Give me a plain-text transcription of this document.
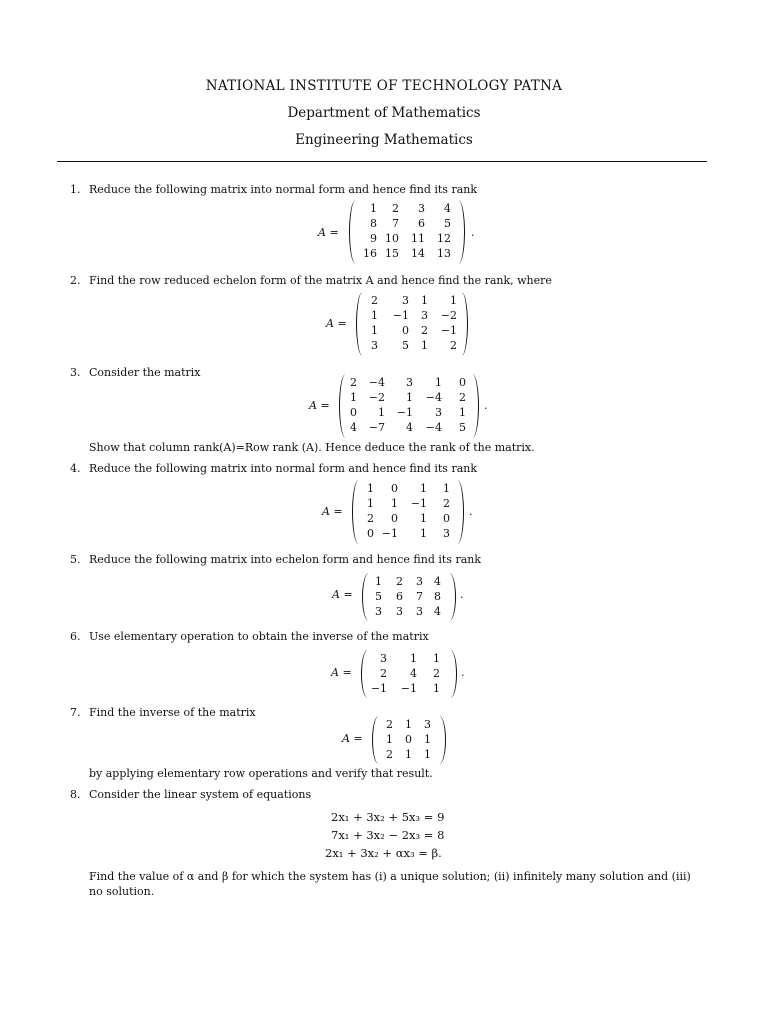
NATIONAL INSTITUTE OF TECHNOLOGY PATNA
Department of Mathematics
Engineering Mathematics
1. Reduce the following matrix into normal form and hence find its rank
A =
1 2 3 4
8 7 6 5
9 10 11 12
16 15 14 13
.
2. Find the row reduced echelon form of the matrix A and hence find the rank, where
A =
2 3 1 1
1 −1 3 −2
1 0 2 −1
3 5 1 2
3. Consider the matrix
A =
2 −4 3 1 0
1 −2 1 −4 2
0 1 −1 3 1
4 −7 4 −4 5
.
Show that column rank(A)=Row rank (A). Hence deduce the rank of the matrix.
4. Reduce the following matrix into normal form and hence find its rank
A =
1 0 1 1
1 1 −1 2
2 0 1 0
0 −1 1 3
.
5. Reduce the following matrix into echelon form and hence find its rank
A =
1 2 3 4
5 6 7 8
3 3 3 4
.
6. Use elementary operation to obtain the inverse of the matrix
A =
3 1 1
2 4 2
−1 −1 1
.
7. Find the inverse of the matrix
A =
2 1 3
1 0 1
2 1 1
by applying elementary row operations and verify that result.
8. Consider the linear system of equations
2x₁ + 3x₂ + 5x₃ = 9
7x₁ + 3x₂ − 2x₃ = 8
2x₁ + 3x₂ + αx₃ = β.
Find the value of α and β for which the system has (i) a unique solution; (ii) infinitely many solution and (iii)
no solution.
